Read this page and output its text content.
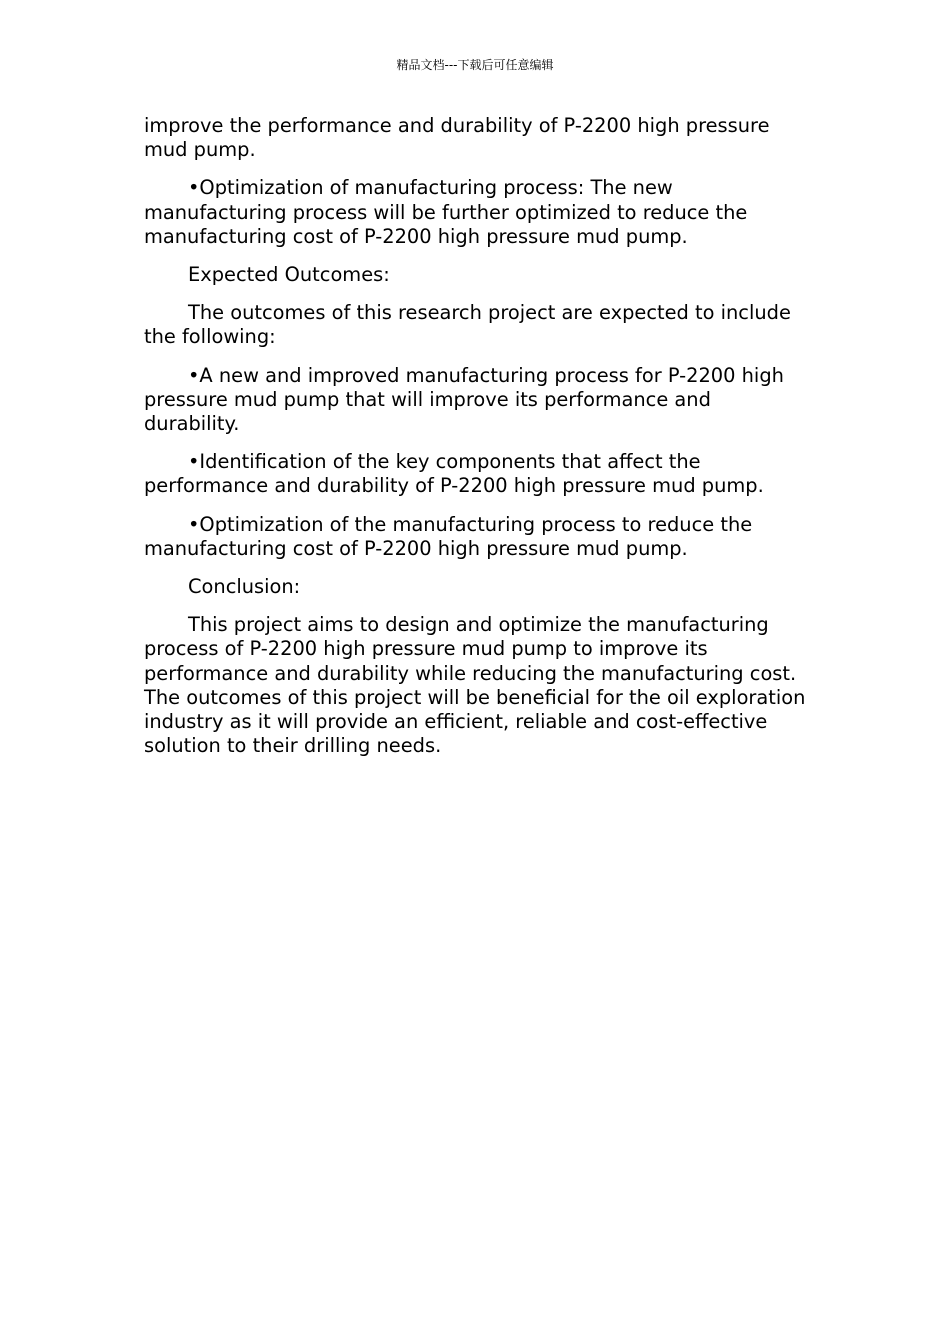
精品文档---下载后可任意编辑

improve the performance and durability of P-2200 high pressure mud pump.

•Optimization of manufacturing process: The new manufacturing process will be further optimized to reduce the manufacturing cost of P-2200 high pressure mud pump.

Expected Outcomes:

The outcomes of this research project are expected to include the following:

•A new and improved manufacturing process for P-2200 high pressure mud pump that will improve its performance and durability.

•Identification of the key components that affect the performance and durability of P-2200 high pressure mud pump.

•Optimization of the manufacturing process to reduce the manufacturing cost of P-2200 high pressure mud pump.

Conclusion:

This project aims to design and optimize the manufacturing process of P-2200 high pressure mud pump to improve its performance and durability while reducing the manufacturing cost. The outcomes of this project will be beneficial for the oil exploration industry as it will provide an efficient, reliable and cost-effective solution to their drilling needs.
